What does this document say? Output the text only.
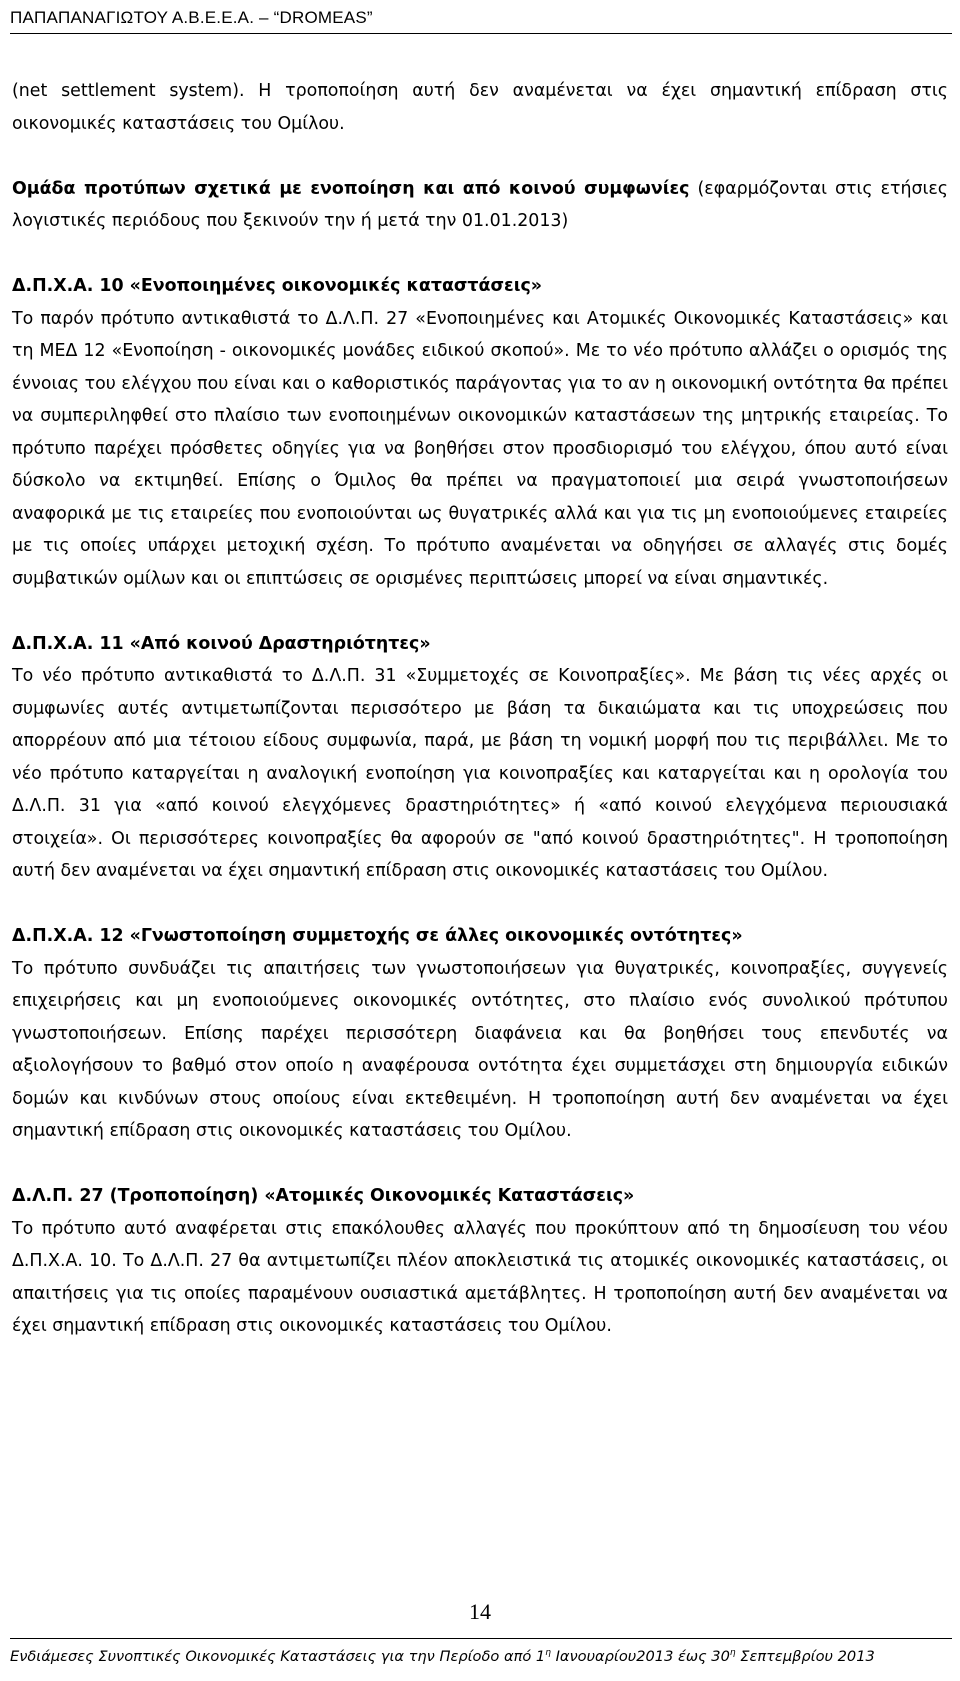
ΠΑΠΑΠΑΝΑΓΙΩΤΟΥ Α.Β.Ε.Ε.Α. – “DROMEAS”

(net settlement system). Η τροποποίηση αυτή δεν αναμένεται να έχει σημαντική επίδραση στις οικονομικές καταστάσεις του Ομίλου.

Ομάδα προτύπων σχετικά με ενοποίηση και από κοινού συμφωνίες (εφαρμόζονται στις ετήσιες λογιστικές περιόδους που ξεκινούν την ή μετά την 01.01.2013)

Δ.Π.Χ.Α. 10 «Ενοποιημένες οικονομικές καταστάσεις»

Το παρόν πρότυπο αντικαθιστά το Δ.Λ.Π. 27 «Ενοποιημένες και Ατομικές Οικονομικές Καταστάσεις» και τη ΜΕΔ 12 «Ενοποίηση - οικονομικές μονάδες ειδικού σκοπού». Με το νέο πρότυπο αλλάζει ο ορισμός της έννοιας του ελέγχου που είναι και ο καθοριστικός παράγοντας για το αν η οικονομική οντότητα θα πρέπει να συμπεριληφθεί στο πλαίσιο των ενοποιημένων οικονομικών καταστάσεων της μητρικής εταιρείας. Το πρότυπο παρέχει πρόσθετες οδηγίες για να βοηθήσει στον προσδιορισμό του ελέγχου, όπου αυτό είναι δύσκολο να εκτιμηθεί. Επίσης ο Όμιλος θα πρέπει να πραγματοποιεί μια σειρά γνωστοποιήσεων αναφορικά με τις εταιρείες που ενοποιούνται ως θυγατρικές αλλά και για τις μη ενοποιούμενες εταιρείες με τις οποίες υπάρχει μετοχική σχέση. Το πρότυπο αναμένεται να οδηγήσει σε αλλαγές στις δομές συμβατικών ομίλων και οι επιπτώσεις σε ορισμένες περιπτώσεις μπορεί να είναι σημαντικές.

Δ.Π.Χ.Α. 11 «Από κοινού Δραστηριότητες»

Το νέο πρότυπο αντικαθιστά το Δ.Λ.Π. 31 «Συμμετοχές σε Κοινοπραξίες». Με βάση τις νέες αρχές οι συμφωνίες αυτές αντιμετωπίζονται περισσότερο με βάση τα δικαιώματα και τις υποχρεώσεις που απορρέουν από μια τέτοιου είδους συμφωνία, παρά, με βάση τη νομική μορφή που τις περιβάλλει. Με το νέο πρότυπο καταργείται η αναλογική ενοποίηση για κοινοπραξίες και καταργείται και η ορολογία του Δ.Λ.Π. 31 για «από κοινού ελεγχόμενες δραστηριότητες» ή «από κοινού ελεγχόμενα περιουσιακά στοιχεία». Οι περισσότερες κοινοπραξίες θα αφορούν σε "από κοινού δραστηριότητες". Η τροποποίηση αυτή δεν αναμένεται να έχει σημαντική επίδραση στις οικονομικές καταστάσεις του Ομίλου.

Δ.Π.Χ.Α. 12 «Γνωστοποίηση συμμετοχής σε άλλες οικονομικές οντότητες»

Το πρότυπο συνδυάζει τις απαιτήσεις των γνωστοποιήσεων για θυγατρικές, κοινοπραξίες, συγγενείς επιχειρήσεις και μη ενοποιούμενες οικονομικές οντότητες, στο πλαίσιο ενός συνολικού πρότυπου γνωστοποιήσεων. Επίσης παρέχει περισσότερη διαφάνεια και θα βοηθήσει τους επενδυτές να αξιολογήσουν το βαθμό στον οποίο η αναφέρουσα οντότητα έχει συμμετάσχει στη δημιουργία ειδικών δομών και κινδύνων στους οποίους είναι εκτεθειμένη. Η τροποποίηση αυτή δεν αναμένεται να έχει σημαντική επίδραση στις οικονομικές καταστάσεις του Ομίλου.

Δ.Λ.Π. 27 (Τροποποίηση) «Ατομικές Οικονομικές Καταστάσεις»

Το πρότυπο αυτό αναφέρεται στις επακόλουθες αλλαγές που προκύπτουν από τη δημοσίευση του νέου Δ.Π.Χ.Α. 10. Το Δ.Λ.Π. 27 θα αντιμετωπίζει πλέον αποκλειστικά τις ατομικές οικονομικές καταστάσεις, οι απαιτήσεις για τις οποίες παραμένουν ουσιαστικά αμετάβλητες. Η τροποποίηση αυτή δεν αναμένεται να έχει σημαντική επίδραση στις οικονομικές καταστάσεις του Ομίλου.

14
Ενδιάμεσες Συνοπτικές Οικονομικές Καταστάσεις για την Περίοδο από $1^\eta$ Ιανουαρίου2013 έως $30^\eta$ Σεπτεμβρίου 2013
